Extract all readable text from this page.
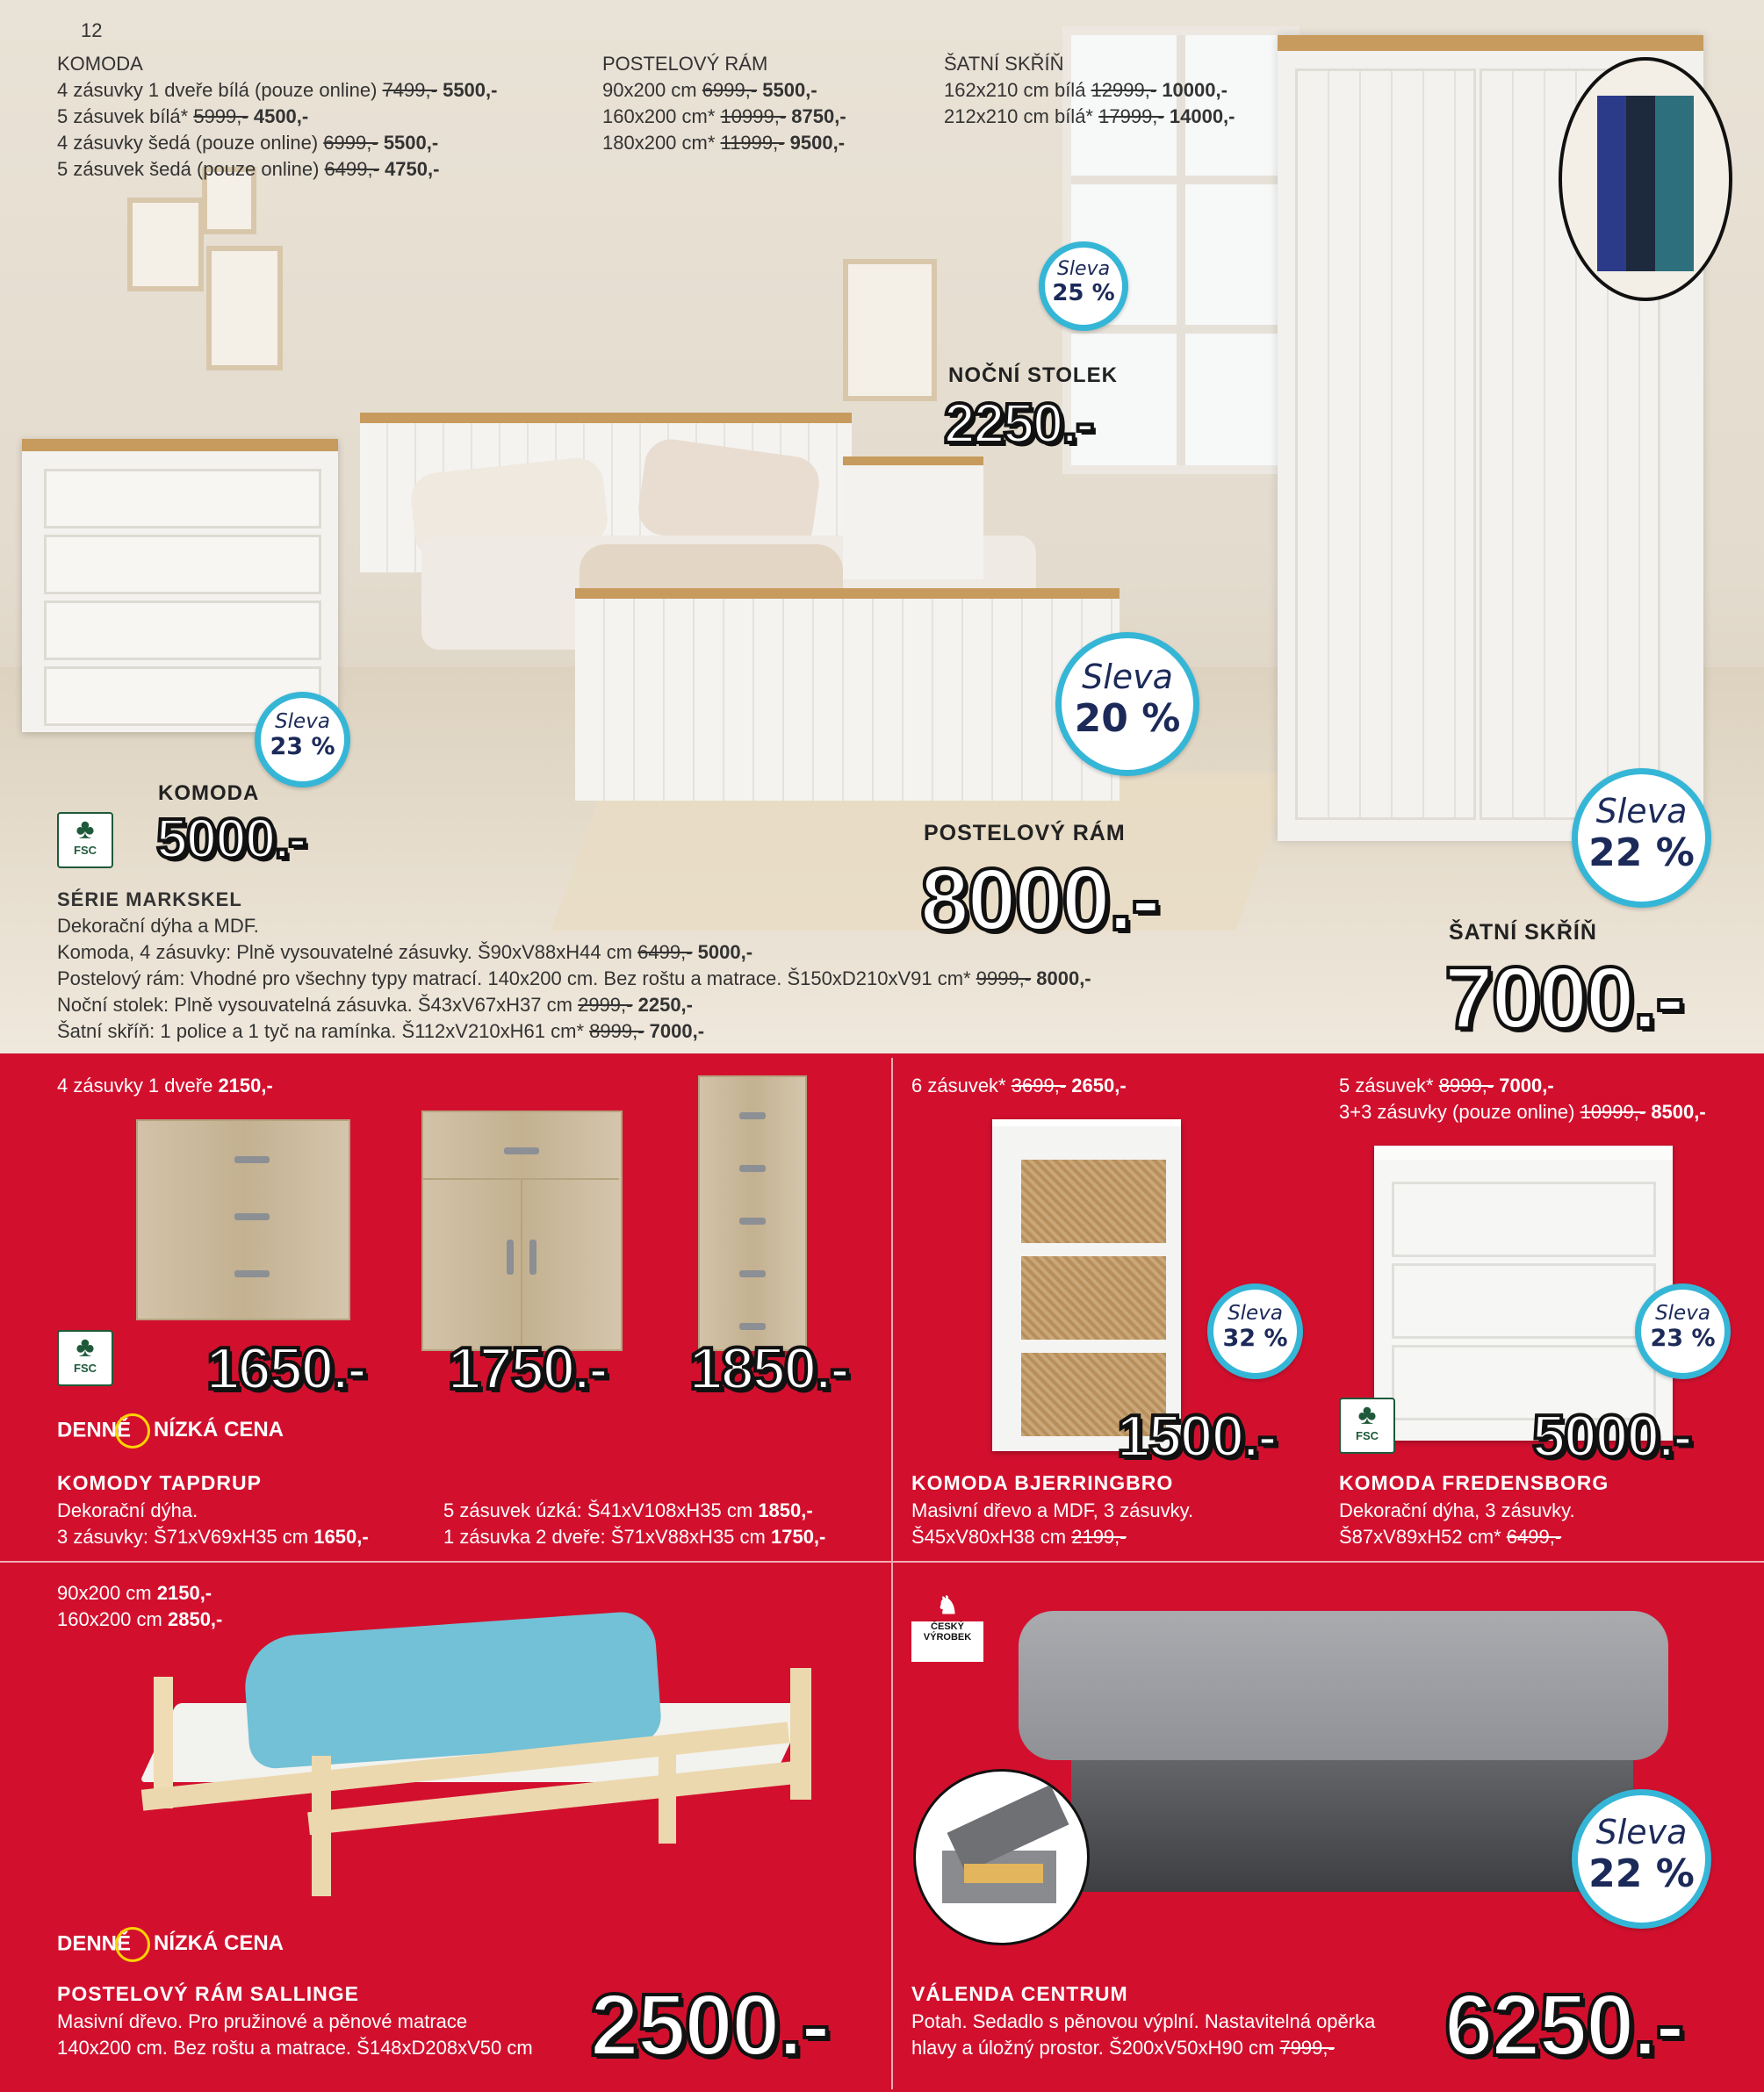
12
KOMODA
4 zásuvky 1 dveře bílá (pouze online) 7499,- 5500,-
5 zásuvek bílá* 5999,- 4500,-
4 zásuvky šedá (pouze online) 6999,- 5500,-
5 zásuvek šedá (pouze online) 6499,- 4750,-
POSTELOVÝ RÁM
90x200 cm 6999,- 5500,-
160x200 cm* 10999,- 8750,-
180x200 cm* 11999,- 9500,-
ŠATNÍ SKŘÍŇ
162x210 cm bílá 12999,- 10000,-
212x210 cm bílá* 17999,- 14000,-
Sleva
25 %
Sleva
23 %
Sleva
20 %
Sleva
22 %
NOČNÍ STOLEK
2250.-
KOMODA
♣
FSC 5000.-	POSTELOVÝ RÁM
8000.-	ŠATNÍ SKŘÍŇ
7000.-
SÉRIE MARKSKEL
Dekorační dýha a MDF.
Komoda, 4 zásuvky: Plně vysouvatelné zásuvky. Š90xV88xH44 cm 6499,- 5000,-
Postelový rám: Vhodné pro všechny typy matrací. 140x200 cm. Bez roštu a matrace. Š150xD210xV91 cm* 9999,- 8000,-
Noční stolek: Plně vysouvatelná zásuvka. Š43xV67xH37 cm 2999,- 2250,-
Šatní skříň: 1 police a 1 tyč na ramínka. Š112xV210xH61 cm* 8999,- 7000,-
4 zásuvky 1 dveře 2150,-
♣
FSC 1650.- 1750.- 1850.-
DENNĚ NÍZKÁ CENA
KOMODY TAPDRUP
Dekorační dýha.
3 zásuvky: Š71xV69xH35 cm 1650,-
5 zásuvek úzká: Š41xV108xH35 cm 1850,-
1 zásuvka 2 dveře: Š71xV88xH35 cm 1750,-
6 zásuvek* 3699,- 2650,-
Sleva
32 %
1500.-
KOMODA BJERRINGBRO
Masivní dřevo a MDF, 3 zásuvky.
Š45xV80xH38 cm 2199,-
5 zásuvek* 8999,- 7000,-
3+3 zásuvky (pouze online) 10999,- 8500,-
Sleva
23 %
♣
FSC	5000.-
KOMODA FREDENSBORG
Dekorační dýha, 3 zásuvky.
Š87xV89xH52 cm* 6499,-
90x200 cm 2150,-
160x200 cm 2850,-
DENNĚ NÍZKÁ CENA
POSTELOVÝ RÁM SALLINGE
Masivní dřevo. Pro pružinové a pěnové matrace
140x200 cm. Bez roštu a matrace. Š148xD208xV50 cm 2500.-
♞
ČESKÝ
VÝROBEK
Sleva
22 %
VÁLENDA CENTRUM
Potah. Sedadlo s pěnovou výplní. Nastavitelná opěrka
hlavy a úložný prostor. Š200xV50xH90 cm 7999,-	6250.-
